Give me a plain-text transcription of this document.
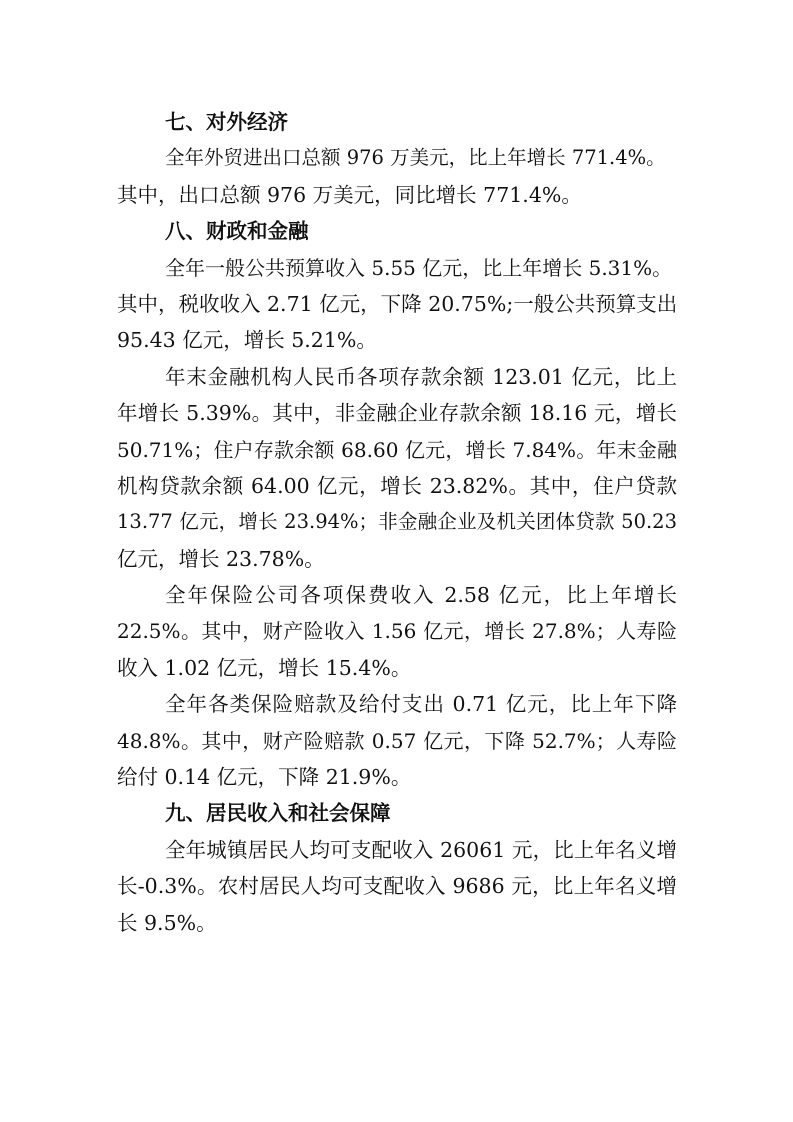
七、对外经济
全年外贸进出口总额 976 万美元，比上年增长 771.4%。
其中，出口总额 976 万美元，同比增长 771.4%。
八、财政和金融
全年一般公共预算收入 5.55 亿元，比上年增长 5.31%。
其中，税收收入 2.71 亿元，下降 20.75%;一般公共预算支出
95.43 亿元，增长 5.21%。
年末金融机构人民币各项存款余额 123.01 亿元，比上
年增长 5.39%。其中，非金融企业存款余额 18.16 元，增长
50.71%；住户存款余额 68.60 亿元，增长 7.84%。年末金融
机构贷款余额 64.00 亿元，增长 23.82%。其中，住户贷款
13.77 亿元，增长 23.94%；非金融企业及机关团体贷款 50.23
亿元，增长 23.78%。
全年保险公司各项保费收入 2.58 亿元，比上年增长
22.5%。其中，财产险收入 1.56 亿元，增长 27.8%；人寿险
收入 1.02 亿元，增长 15.4%。
全年各类保险赔款及给付支出 0.71 亿元，比上年下降
48.8%。其中，财产险赔款 0.57 亿元，下降 52.7%；人寿险
给付 0.14 亿元，下降 21.9%。
九、居民收入和社会保障
全年城镇居民人均可支配收入 26061 元，比上年名义增
长-0.3%。农村居民人均可支配收入 9686 元，比上年名义增
长 9.5%。
